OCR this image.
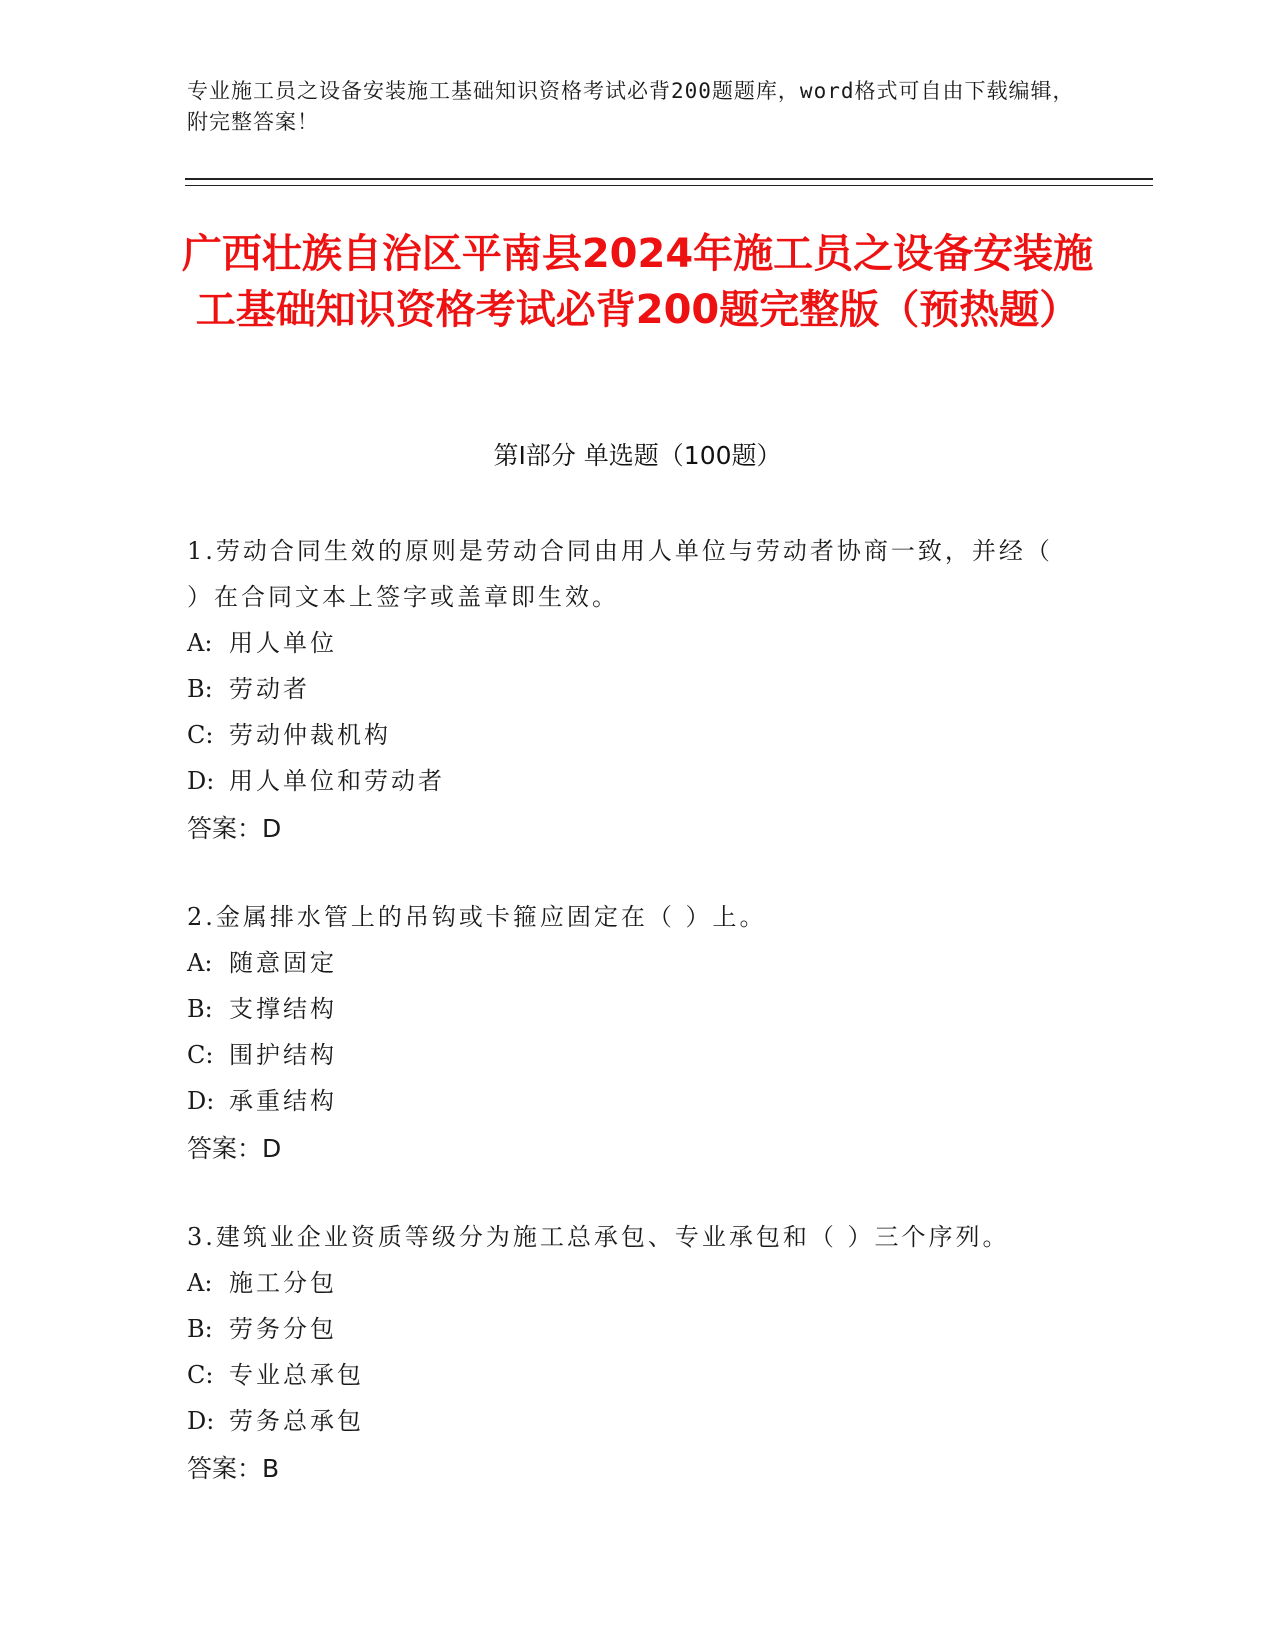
专业施工员之设备安装施工基础知识资格考试必背200题题库，word格式可自由下载编辑，附完整答案！
广西壮族自治区平南县2024年施工员之设备安装施工基础知识资格考试必背200题完整版（预热题）
第Ⅰ部分 单选题（100题）
1.劳动合同生效的原则是劳动合同由用人单位与劳动者协商一致，并经（ ）在合同文本上签字或盖章即生效。
A: 用人单位
B: 劳动者
C: 劳动仲裁机构
D: 用人单位和劳动者
答案：D
2.金属排水管上的吊钩或卡箍应固定在（ ）上。
A: 随意固定
B: 支撑结构
C: 围护结构
D: 承重结构
答案：D
3.建筑业企业资质等级分为施工总承包、专业承包和（ ）三个序列。
A: 施工分包
B: 劳务分包
C: 专业总承包
D: 劳务总承包
答案：B
